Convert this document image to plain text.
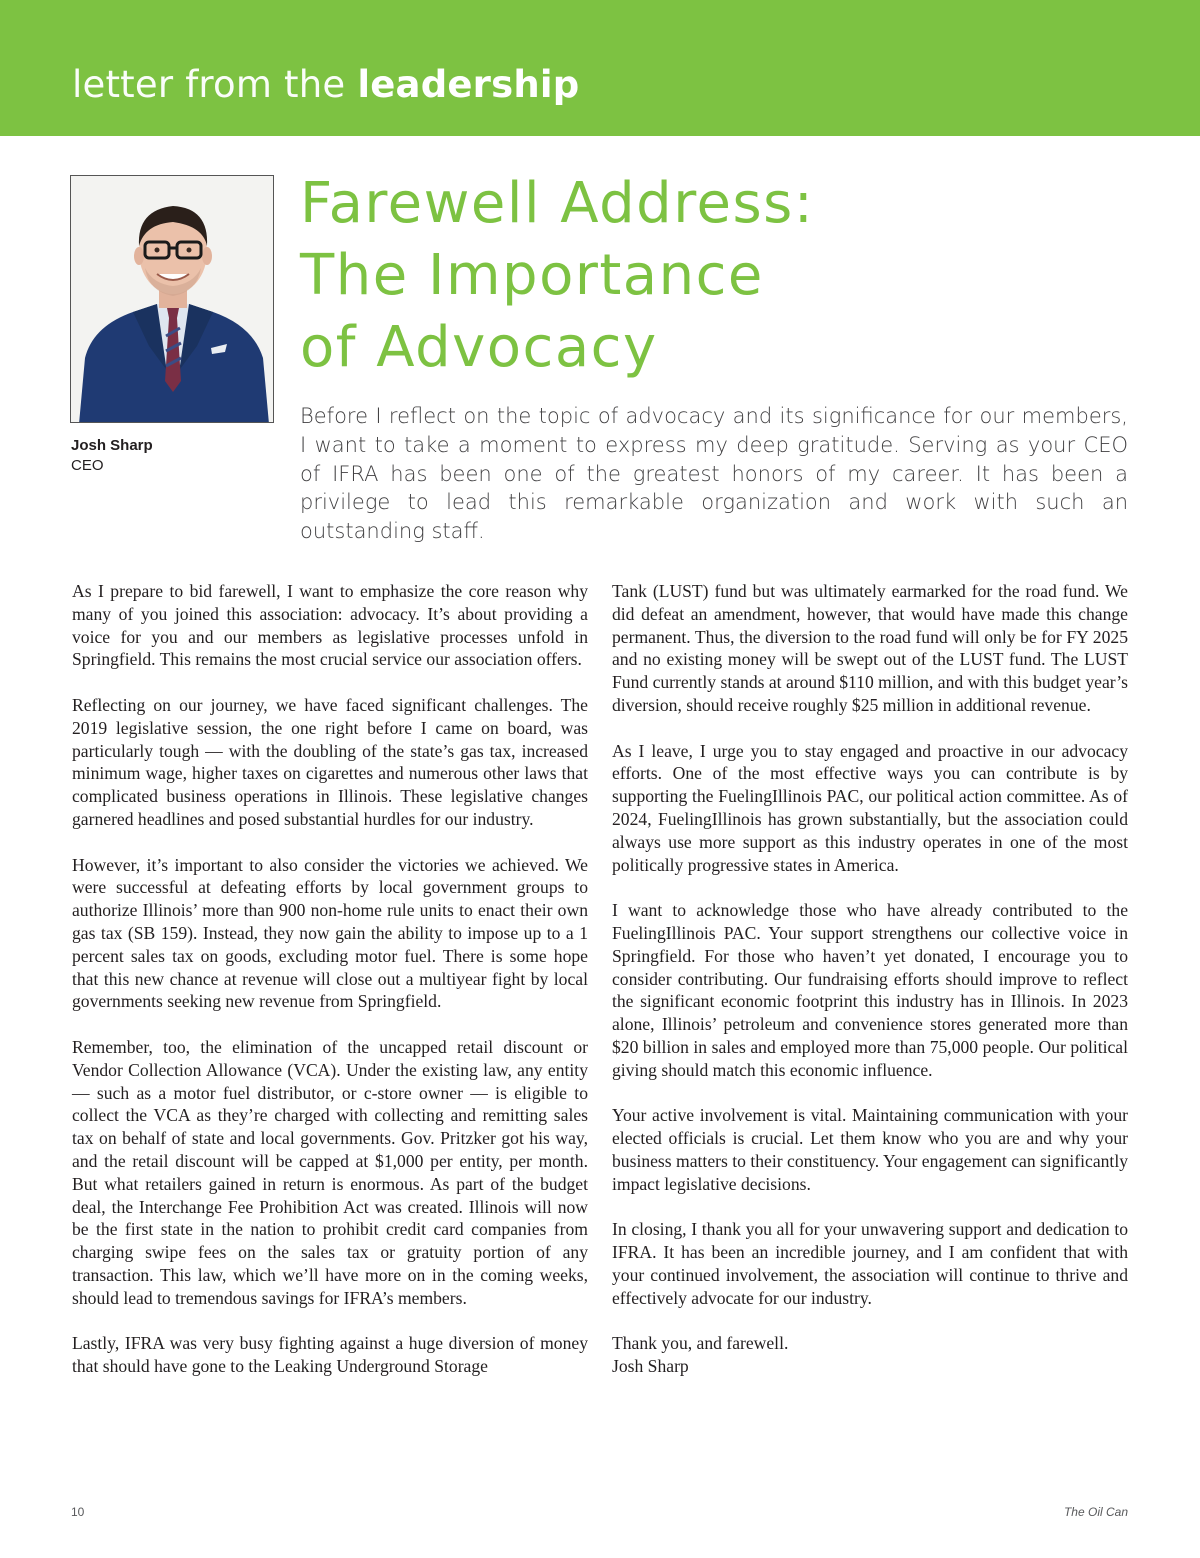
letter from the leadership
Josh Sharp
CEO
Farewell Address:
The Importance
of Advocacy
Before I reflect on the topic of advocacy and its significance for our members, I want to take a moment to express my deep gratitude. Serving as your CEO of IFRA has been one of the greatest honors of my career. It has been a privilege to lead this remarkable organization and work with such an outstanding staff.

As I prepare to bid farewell, I want to emphasize the core reason why many of you joined this association: advocacy. It’s about providing a voice for you and our members as legislative processes unfold in Springfield. This remains the most crucial service our association offers.

Reflecting on our journey, we have faced significant challenges. The 2019 legislative session, the one right before I came on board, was particularly tough — with the doubling of the state’s gas tax, increased minimum wage, higher taxes on cigarettes and numerous other laws that complicated business operations in Illinois. These legislative changes garnered headlines and posed substantial hurdles for our industry.

However, it’s important to also consider the victories we achieved. We were successful at defeating efforts by local government groups to authorize Illinois’ more than 900 non-home rule units to enact their own gas tax (SB 159). Instead, they now gain the ability to impose up to a 1 percent sales tax on goods, excluding motor fuel. There is some hope that this new chance at revenue will close out a multiyear fight by local governments seeking new revenue from Springfield.

Remember, too, the elimination of the uncapped retail discount or Vendor Collection Allowance (VCA). Under the existing law, any entity — such as a motor fuel distributor, or c-store owner — is eligible to collect the VCA as they’re charged with collecting and remitting sales tax on behalf of state and local governments. Gov. Pritzker got his way, and the retail discount will be capped at $1,000 per entity, per month. But what retailers gained in return is enormous. As part of the budget deal, the Interchange Fee Prohibition Act was created. Illinois will now be the first state in the nation to prohibit credit card companies from charging swipe fees on the sales tax or gratuity portion of any transaction. This law, which we’ll have more on in the coming weeks, should lead to tremendous savings for IFRA’s members.

Lastly, IFRA was very busy fighting against a huge diversion of money that should have gone to the Leaking Underground Storage

Tank (LUST) fund but was ultimately earmarked for the road fund. We did defeat an amendment, however, that would have made this change permanent. Thus, the diversion to the road fund will only be for FY 2025 and no existing money will be swept out of the LUST fund. The LUST Fund currently stands at around $110 million, and with this budget year’s diversion, should receive roughly $25 million in additional revenue.

As I leave, I urge you to stay engaged and proactive in our advocacy efforts. One of the most effective ways you can contribute is by supporting the FuelingIllinois PAC, our political action committee. As of 2024, FuelingIllinois has grown substantially, but the association could always use more support as this industry operates in one of the most politically progressive states in America.

I want to acknowledge those who have already contributed to the FuelingIllinois PAC. Your support strengthens our collective voice in Springfield. For those who haven’t yet donated, I encourage you to consider contributing. Our fundraising efforts should improve to reflect the significant economic footprint this industry has in Illinois. In 2023 alone, Illinois’ petroleum and convenience stores generated more than $20 billion in sales and employed more than 75,000 people. Our political giving should match this economic influence.

Your active involvement is vital. Maintaining communication with your elected officials is crucial. Let them know who you are and why your business matters to their constituency. Your engagement can significantly impact legislative decisions.

In closing, I thank you all for your unwavering support and dedication to IFRA. It has been an incredible journey, and I am confident that with your continued involvement, the association will continue to thrive and effectively advocate for our industry.

Thank you, and farewell.
Josh Sharp

10	The Oil Can
